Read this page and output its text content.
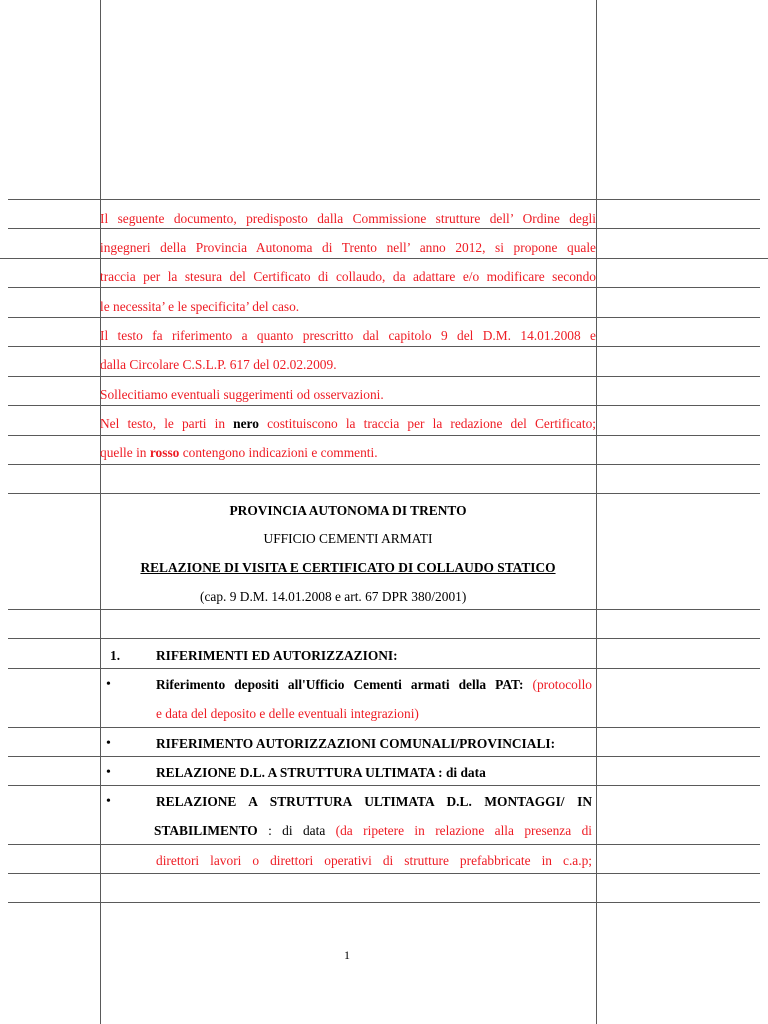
Il seguente documento, predisposto dalla Commissione strutture dell’ Ordine degli
ingegneri della Provincia Autonoma di Trento nell’ anno 2012, si propone quale
traccia per la stesura del Certificato di collaudo, da adattare e/o modificare secondo
le necessita’ e le specificita’ del caso.
Il testo fa riferimento a quanto prescritto dal capitolo 9 del D.M. 14.01.2008 e
dalla Circolare C.S.L.P. 617 del 02.02.2009.
Sollecitiamo eventuali suggerimenti od osservazioni.
Nel testo, le parti in nero costituiscono la traccia per la redazione del Certificato;
quelle in rosso contengono indicazioni e commenti.
PROVINCIA AUTONOMA DI TRENTO
UFFICIO CEMENTI ARMATI
RELAZIONE DI VISITA E CERTIFICATO DI COLLAUDO STATICO
(cap. 9 D.M. 14.01.2008 e art. 67 DPR 380/2001)
1.	RIFERIMENTI ED AUTORIZZAZIONI:
•	Riferimento depositi all'Ufficio Cementi armati della PAT: (protocollo
e data del deposito e delle eventuali integrazioni)
•	RIFERIMENTO AUTORIZZAZIONI COMUNALI/PROVINCIALI:
•	RELAZIONE D.L. A STRUTTURA ULTIMATA : di data
•	RELAZIONE A STRUTTURA ULTIMATA D.L. MONTAGGI/ IN
STABILIMENTO : di data (da ripetere in relazione alla presenza di
direttori lavori o direttori operativi di strutture prefabbricate in c.a.p;
1
